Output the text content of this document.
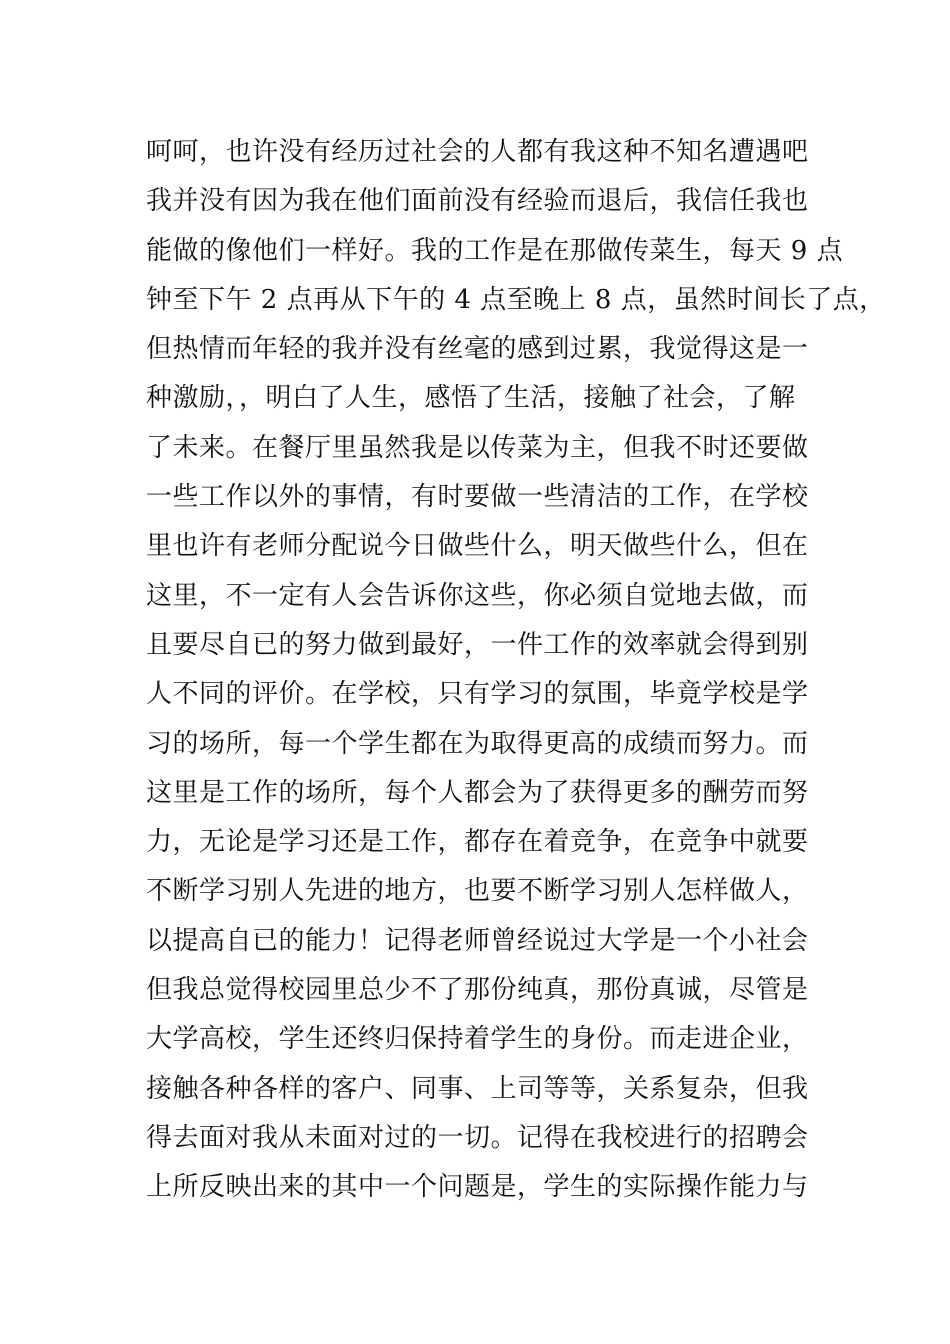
呵呵，也许没有经历过社会的人都有我这种不知名遭遇吧
我并没有因为我在他们面前没有经验而退后，我信任我也
能做的像他们一样好。我的工作是在那做传菜生，每天 9 点
钟至下午 2 点再从下午的 4 点至晚上 8 点，虽然时间长了点，
但热情而年轻的我并没有丝毫的感到过累，我觉得这是一
种激励，，明白了人生，感悟了生活，接触了社会，了解
了未来。在餐厅里虽然我是以传菜为主，但我不时还要做
一些工作以外的事情，有时要做一些清洁的工作，在学校
里也许有老师分配说今日做些什么，明天做些什么，但在
这里，不一定有人会告诉你这些，你必须自觉地去做，而
且要尽自已的努力做到最好，一件工作的效率就会得到别
人不同的评价。在学校，只有学习的氛围，毕竟学校是学
习的场所，每一个学生都在为取得更高的成绩而努力。而
这里是工作的场所，每个人都会为了获得更多的酬劳而努
力，无论是学习还是工作，都存在着竞争，在竞争中就要
不断学习别人先进的地方，也要不断学习别人怎样做人，
以提高自已的能力！记得老师曾经说过大学是一个小社会
但我总觉得校园里总少不了那份纯真，那份真诚，尽管是
大学高校，学生还终归保持着学生的身份。而走进企业，
接触各种各样的客户、同事、上司等等，关系复杂，但我
得去面对我从未面对过的一切。记得在我校进行的招聘会
上所反映出来的其中一个问题是，学生的实际操作能力与
